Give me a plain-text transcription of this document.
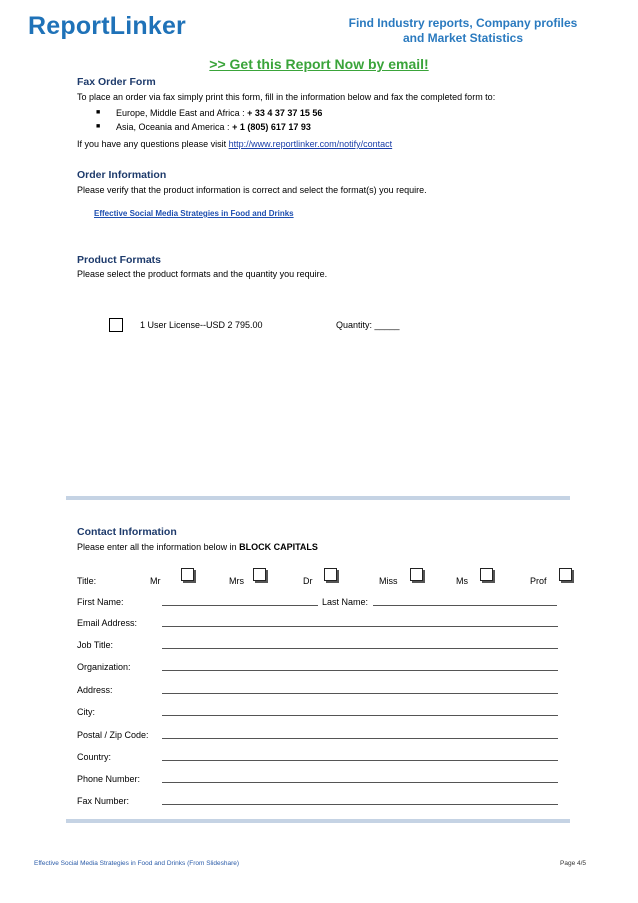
ReportLinker	Find Industry reports, Company profiles
and Market Statistics
>> Get this Report Now by email!
Fax Order Form
To place an order via fax simply print this form, fill in the information below and fax the completed form to:
■ Europe, Middle East and Africa : + 33 4 37 37 15 56
■ Asia, Oceania and America : + 1 (805) 617 17 93
If you have any questions please visit http://www.reportlinker.com/notify/contact
Order Information
Please verify that the product information is correct and select the format(s) you require.
Effective Social Media Strategies in Food and Drinks
Product Formats
Please select the product formats and the quantity you require.
1 User License--USD 2 795.00	Quantity: _____
Contact Information
Please enter all the information below in BLOCK CAPITALS
Title:	Mr	Mrs	Dr	Miss	Ms	Prof
First Name:	Last Name:
Email Address:
Job Title:
Organization:
Address:
City:
Postal / Zip Code:
Country:
Phone Number:
Fax Number:
Effective Social Media Strategies in Food and Drinks (From Slideshare)	Page 4/5
